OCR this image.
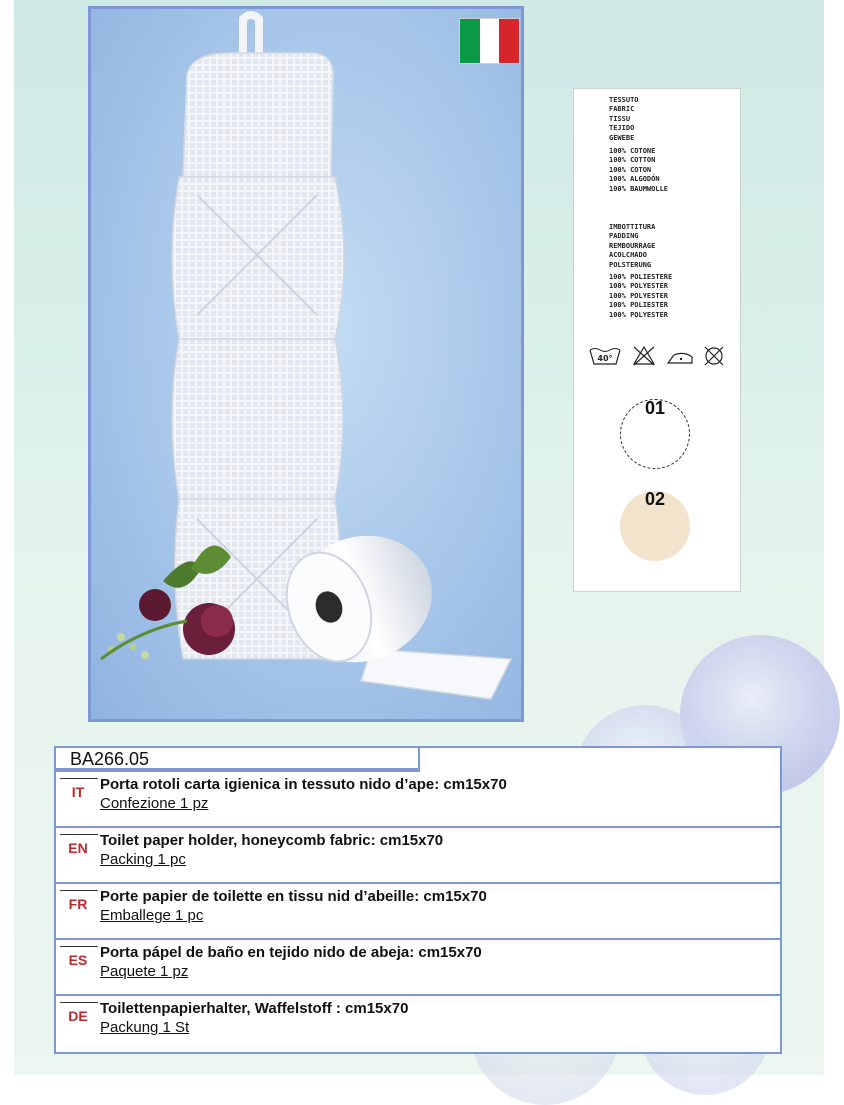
TESSUTO
FABRIC
TISSU
TEJIDO
GEWEBE
100% COTONE
100% COTTON
100% COTON
100% ALGODÓN
100% BAUMWOLLE
IMBOTTITURA
PADDING
REMBOURRAGE
ACOLCHADO
POLSTERUNG
100% POLIESTERE
100% POLYESTER
100% POLYESTER
100% POLIESTER
100% POLYESTER
40°
01
02
BA266.05
IT	Porta rotoli carta igienica in tessuto nido d’ape: cm15x70
Confezione 1 pz
EN Toilet paper holder, honeycomb fabric: cm15x70
Packing 1 pc
FR Porte papier de toilette en tissu nid d’abeille: cm15x70
Emballege 1 pc
ES Porta pápel de baño en tejido nido de abeja: cm15x70
Paquete 1 pz
DE Toilettenpapierhalter, Waffelstoff : cm15x70
Packung 1 St
